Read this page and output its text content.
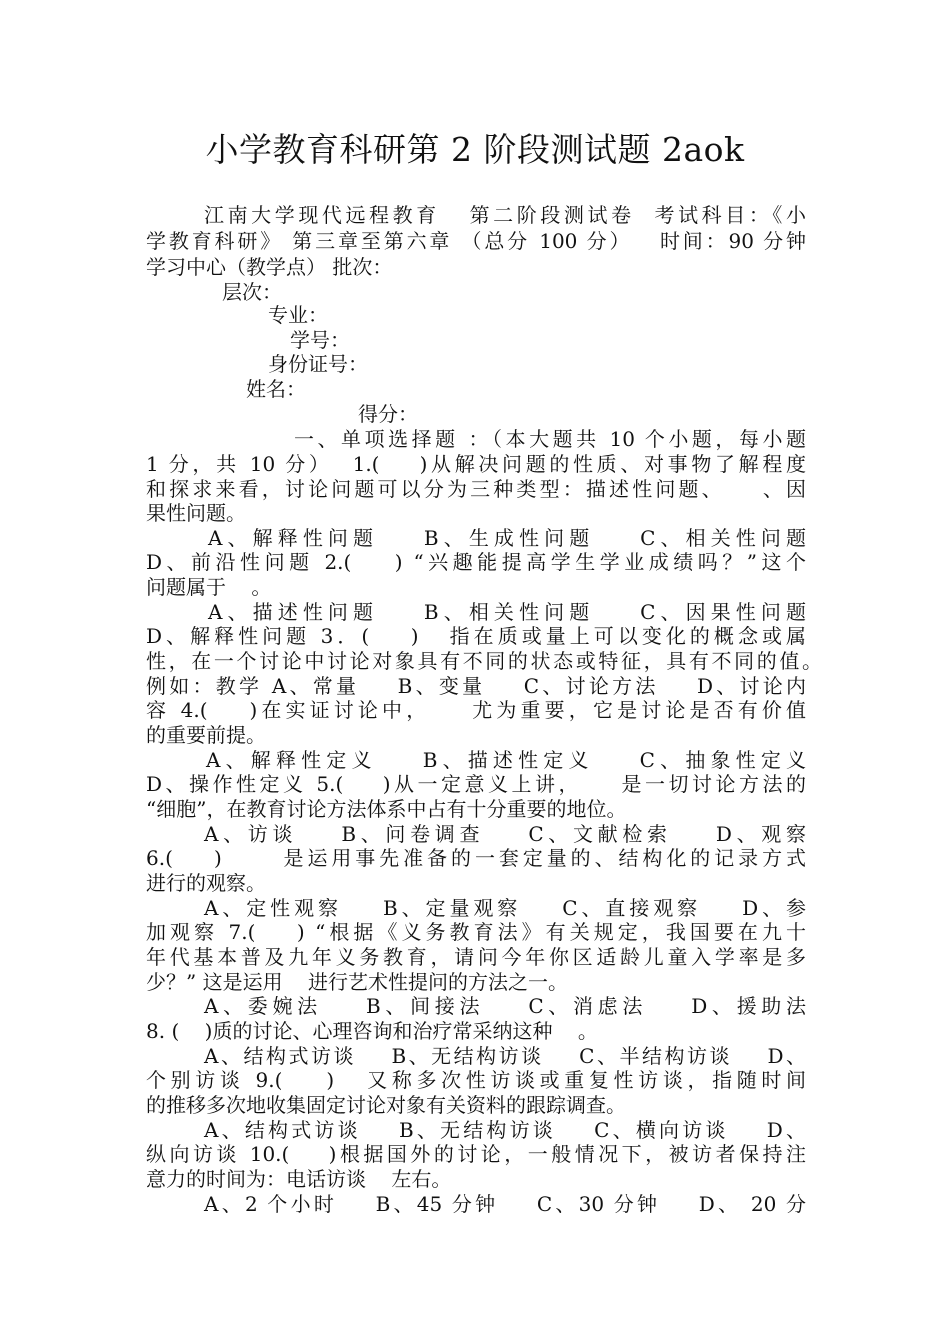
小学教育科研第 2 阶段测试题 2aok
江南大学现代远程教育   第二阶段测试卷  考试科目：《小
学教育科研》 第三章至第六章 （总分 100 分）   时间：90 分钟
学习中心（教学点） 批次：
层次：
专业：
学号：
身份证号：
姓名：
得分：
一、单项选择题 ：（本大题共 10 个小题，每小题
1 分，共 10 分）  1.(    )从解决问题的性质、对事物了解程度
和探求来看，讨论问题可以分为三种类型：描述性问题、    、因
果性问题。
A、解释性问题    B、生成性问题    C、相关性问题
D、前沿性问题 2.(    ) “兴趣能提高学生学业成绩吗？”这个
问题属于    。
A、描述性问题    B、相关性问题    C、因果性问题
D、解释性问题 3．(    )   指在质或量上可以变化的概念或属
性，在一个讨论中讨论对象具有不同的状态或特征，具有不同的值。
例如：教学 A、常量    B、变量    C、讨论方法    D、讨论内
容 4.(    )在实证讨论中，    尤为重要，它是讨论是否有价值
的重要前提。
A、解释性定义    B、描述性定义    C、抽象性定义
D、操作性定义 5.(    )从一定意义上讲，    是一切讨论方法的
“细胞”，在教育讨论方法体系中占有十分重要的地位。
A、访谈    B、问卷调查    C、文献检索    D、观察
6.(    )      是运用事先准备的一套定量的、结构化的记录方式
进行的观察。
A、定性观察    B、定量观察    C、直接观察    D、参
加观察 7.(    ) “根据《义务教育法》有关规定，我国要在九十
年代基本普及九年义务教育，请问今年你区适龄儿童入学率是多
少？” 这是运用    进行艺术性提问的方法之一。
A、委婉法    B、间接法    C、消虑法    D、援助法
8. (    )质的讨论、心理咨询和治疗常采纳这种    。
A、结构式访谈    B、无结构访谈    C、半结构访谈    D、
个别访谈 9.(    )   又称多次性访谈或重复性访谈，指随时间
的推移多次地收集固定讨论对象有关资料的跟踪调查。
A、结构式访谈    B、无结构访谈    C、横向访谈    D、
纵向访谈 10.(    )根据国外的讨论，一般情况下，被访者保持注
意力的时间为：电话访谈    左右。
A、2 个小时    B、45 分钟    C、30 分钟    D、 20 分
